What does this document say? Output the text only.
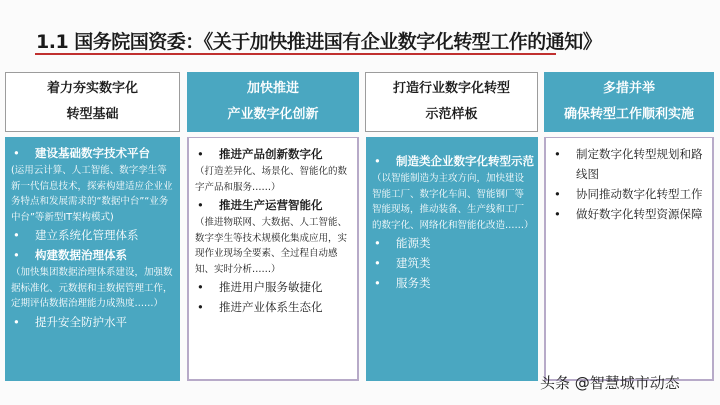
1.1 国务院国资委：《关于加快推进国有企业数字化转型工作的通知》
着力夯实数字化
转型基础
加快推进
产业数字化创新
打造行业数字化转型
示范样板
多措并举
确保转型工作顺利实施
•	建设基础数字技术平台
(运用云计算、人工智能、数字孪生等新一代信息技术，探索构建适应企业业务特点和发展需求的“数据中台”“业务中台”等新型IT架构模式)
•	建立系统化管理体系
•	构建数据治理体系
（加快集团数据治理体系建设，加强数据标准化、元数据和主数据管理工作，定期评估数据治理能力成熟度……）
•	提升安全防护水平
•	推进产品创新数字化
（打造差异化、场景化、智能化的数字产品和服务……）
•	推进生产运营智能化
（推进物联网、大数据、人工智能、数字孪生等技术规模化集成应用，实现作业现场全要素、全过程自动感知、实时分析……）
•	推进用户服务敏捷化
•	推进产业体系生态化
•	制造类企业数字化转型示范
（以智能制造为主攻方向，加快建设智能工厂、数字化车间、智能钢厂等智能现场，推动装备、生产线和工厂的数字化、网络化和智能化改造……）
•	能源类
•	建筑类
•	服务类
•	制定数字化转型规划和路线图
•	协同推动数字化转型工作
•	做好数字化转型资源保障
头条 @智慧城市动态
